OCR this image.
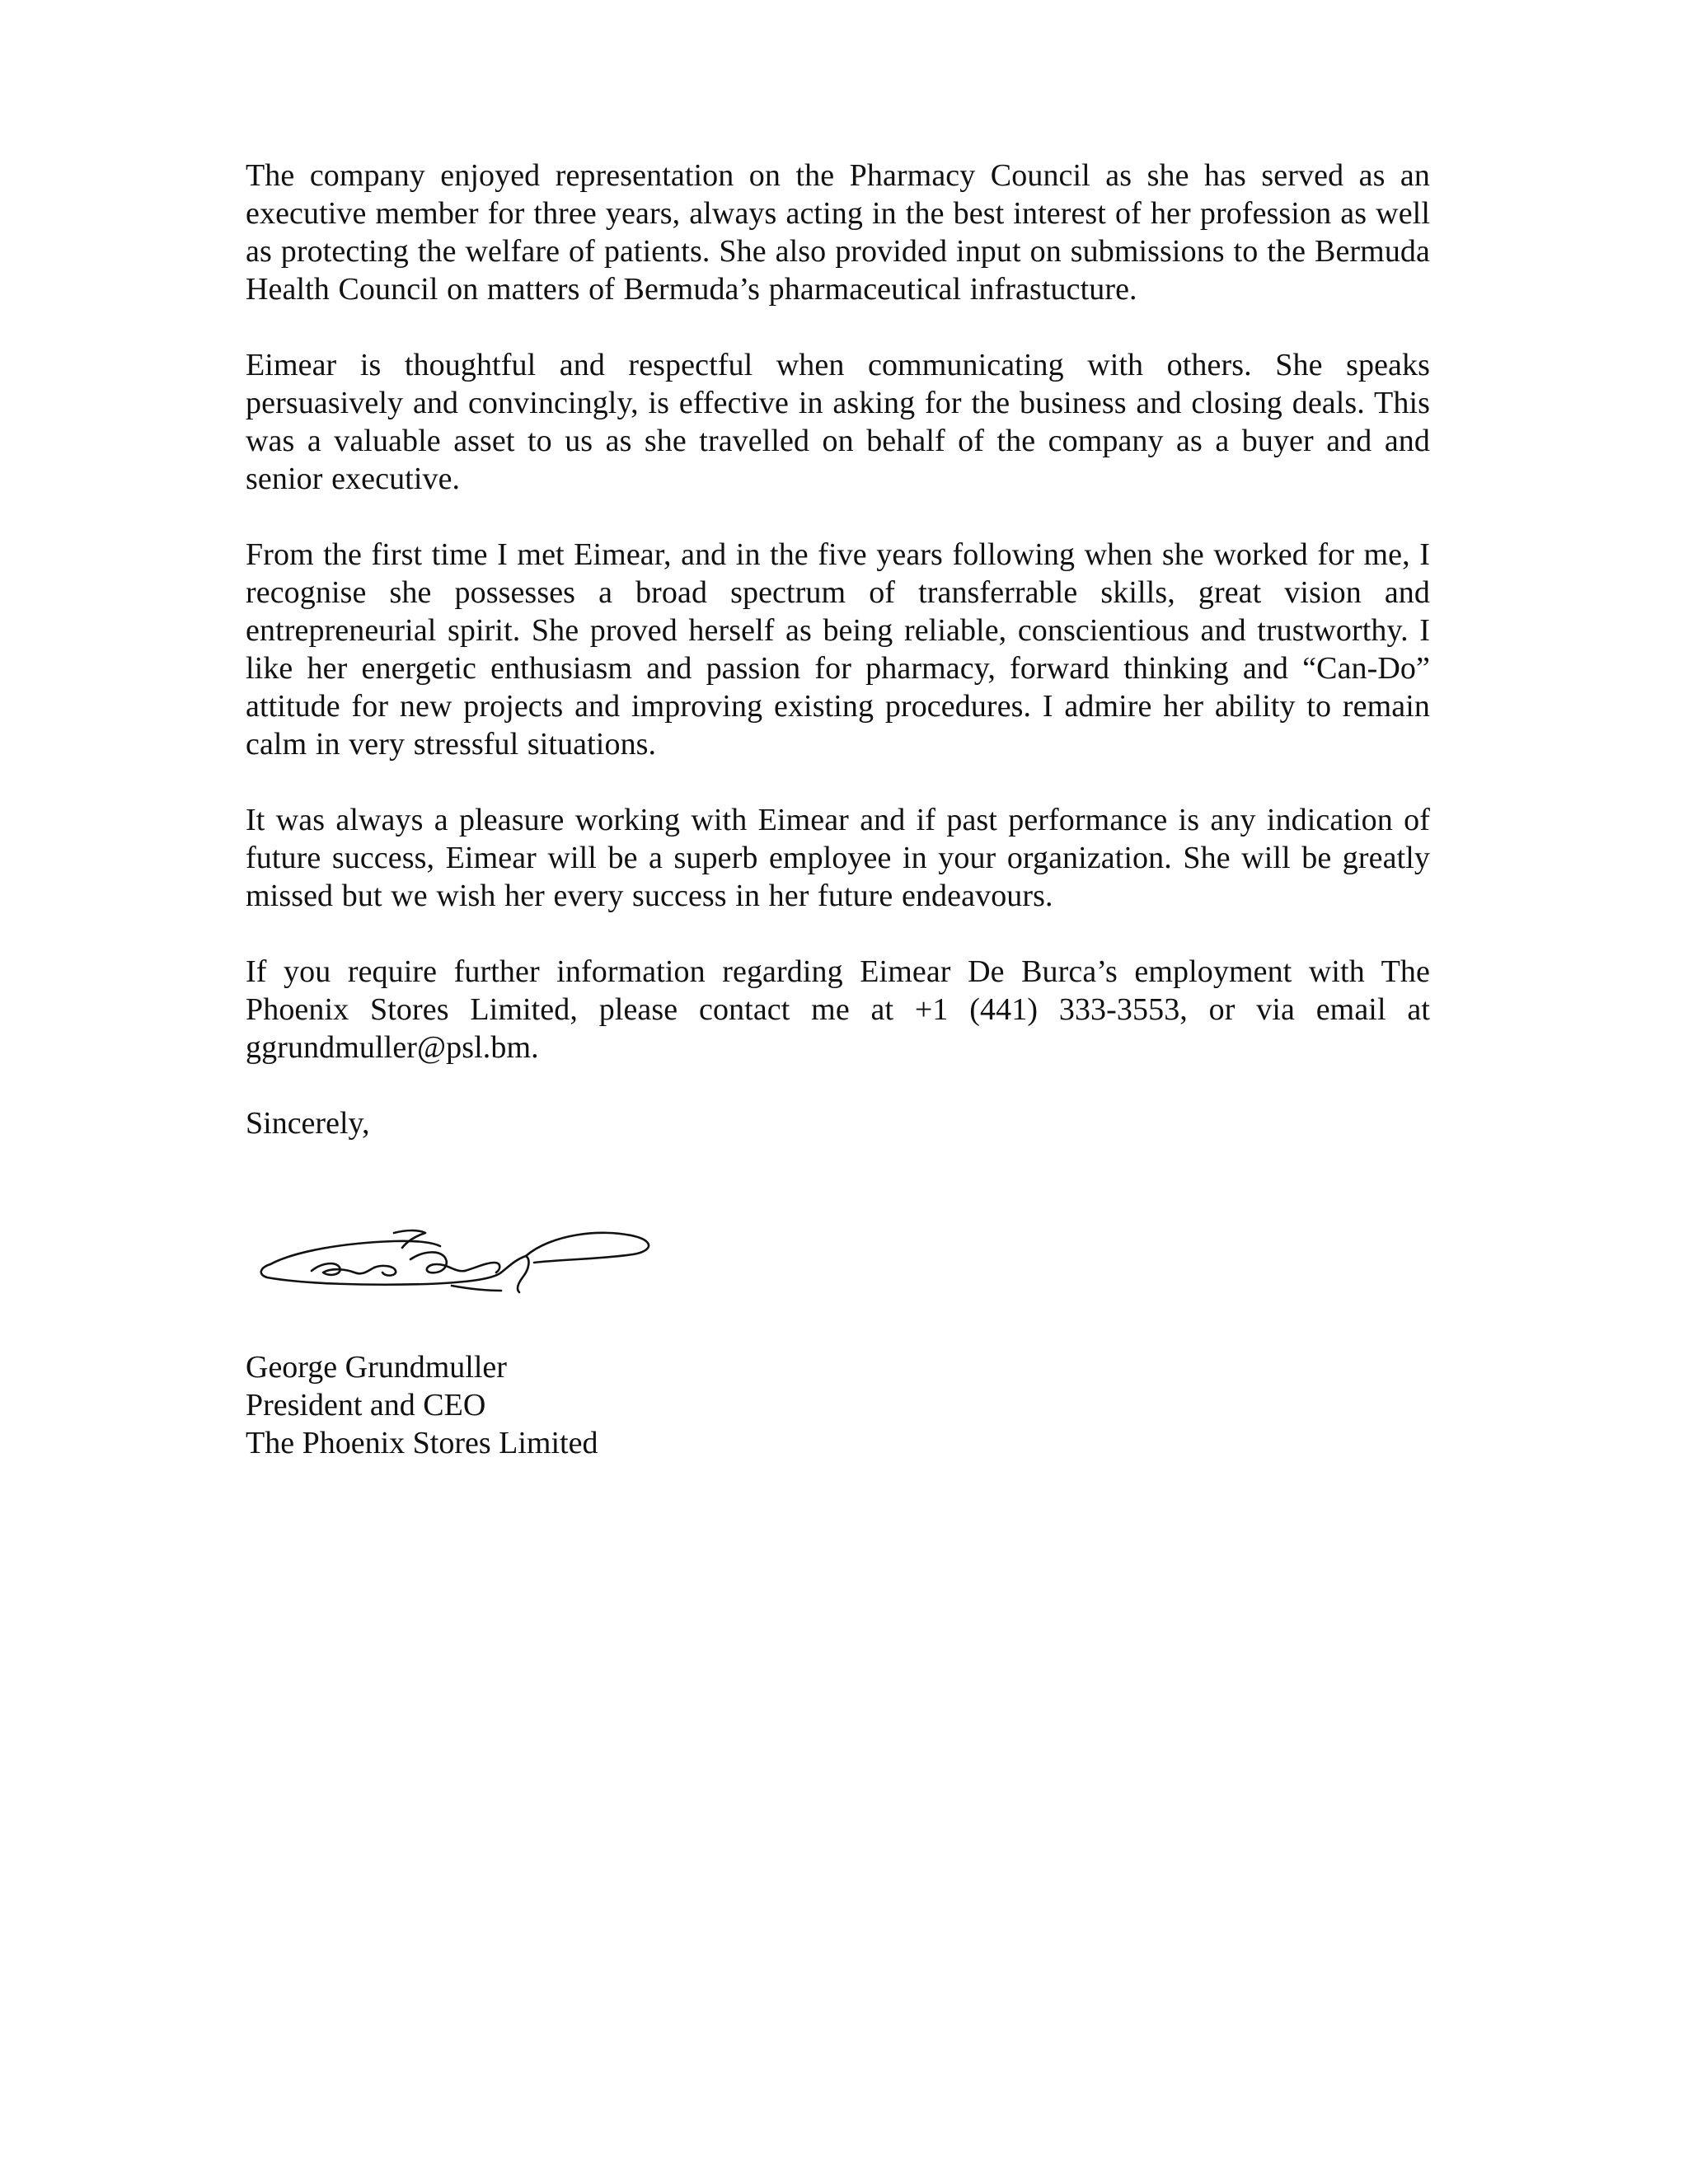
The company enjoyed representation on the Pharmacy Council as she has served as an executive member for three years, always acting in the best interest of her profession as well as protecting the welfare of patients. She also provided input on submissions to the Bermuda Health Council on matters of Bermuda’s pharmaceutical infrastucture.

Eimear is thoughtful and respectful when communicating with others. She speaks persuasively and convincingly, is effective in asking for the business and closing deals. This was a valuable asset to us as she travelled on behalf of the company as a buyer and and senior executive.

From the first time I met Eimear, and in the five years following when she worked for me, I recognise she possesses a broad spectrum of transferrable skills, great vision and entrepreneurial spirit. She proved herself as being reliable, conscientious and trustworthy. I like her energetic enthusiasm and passion for pharmacy, forward thinking and “Can-Do” attitude for new projects and improving existing procedures. I admire her ability to remain calm in very stressful situations.

It was always a pleasure working with Eimear and if past performance is any indication of future success, Eimear will be a superb employee in your organization. She will be greatly missed but we wish her every success in her future endeavours.

If you require further information regarding Eimear De Burca’s employment with The Phoenix Stores Limited, please contact me at +1 (441) 333-3553, or via email at ggrundmuller@psl.bm.

Sincerely,

George Grundmuller
President and CEO
The Phoenix Stores Limited
